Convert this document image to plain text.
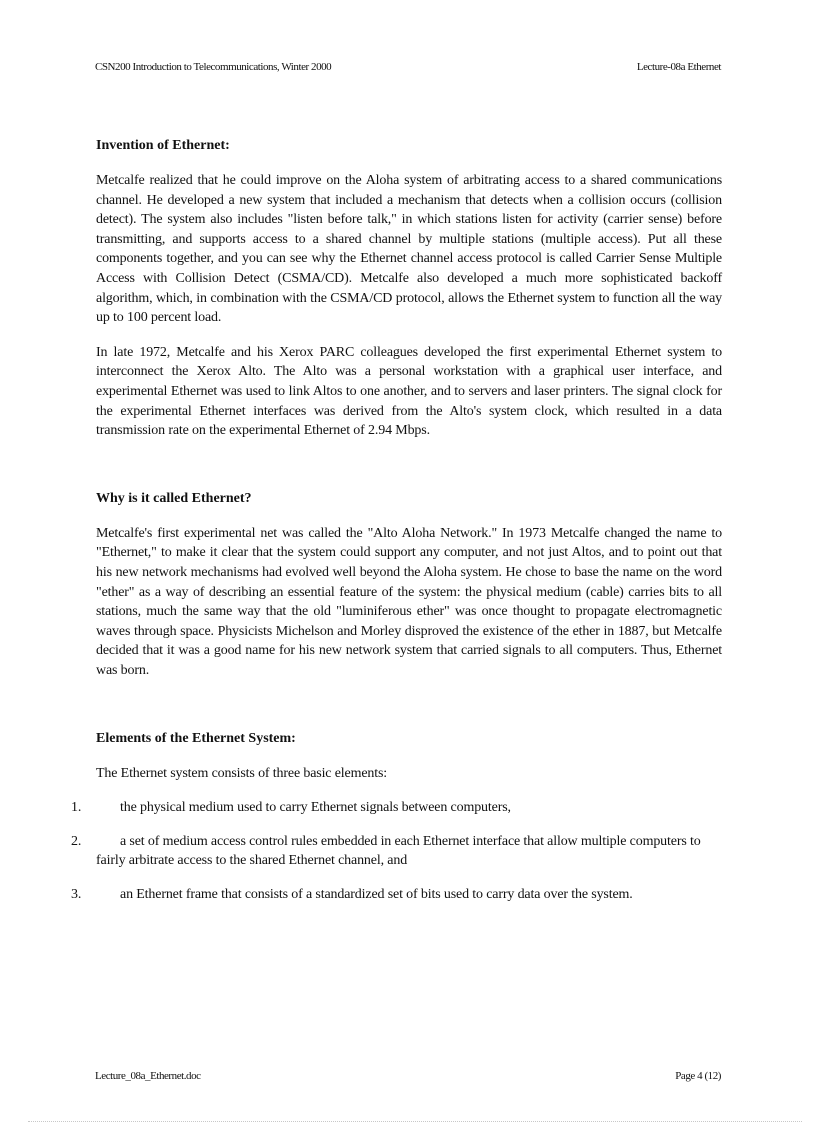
CSN200 Introduction to Telecommunications, Winter 2000	Lecture-08a Ethernet
Invention of Ethernet:

Metcalfe realized that he could improve on the Aloha system of arbitrating access to a shared communications channel. He developed a new system that included a mechanism that detects when a collision occurs (collision detect). The system also includes "listen before talk," in which stations listen for activity (carrier sense) before transmitting, and supports access to a shared channel by multiple stations (multiple access). Put all these components together, and you can see why the Ethernet channel access protocol is called Carrier Sense Multiple Access with Collision Detect (CSMA/CD). Metcalfe also developed a much more sophisticated backoff algorithm, which, in combination with the CSMA/CD protocol, allows the Ethernet system to function all the way up to 100 percent load.

In late 1972, Metcalfe and his Xerox PARC colleagues developed the first experimental Ethernet system to interconnect the Xerox Alto. The Alto was a personal workstation with a graphical user interface, and experimental Ethernet was used to link Altos to one another, and to servers and laser printers. The signal clock for the experimental Ethernet interfaces was derived from the Alto's system clock, which resulted in a data transmission rate on the experimental Ethernet of 2.94 Mbps.

Why is it called Ethernet?

Metcalfe's first experimental net was called the "Alto Aloha Network." In 1973 Metcalfe changed the name to "Ethernet," to make it clear that the system could support any computer, and not just Altos, and to point out that his new network mechanisms had evolved well beyond the Aloha system. He chose to base the name on the word "ether" as a way of describing an essential feature of the system: the physical medium (cable) carries bits to all stations, much the same way that the old "luminiferous ether" was once thought to propagate electromagnetic waves through space. Physicists Michelson and Morley disproved the existence of the ether in 1887, but Metcalfe decided that it was a good name for his new network system that carried signals to all computers. Thus, Ethernet was born.

Elements of the Ethernet System:

The Ethernet system consists of three basic elements:

1.	the physical medium used to carry Ethernet signals between computers,
2.	a set of medium access control rules embedded in each Ethernet interface that allow multiple computers to fairly arbitrate access to the shared Ethernet channel, and
3.	an Ethernet frame that consists of a standardized set of bits used to carry data over the system.
Lecture_08a_Ethernet.doc	Page 4 (12)
